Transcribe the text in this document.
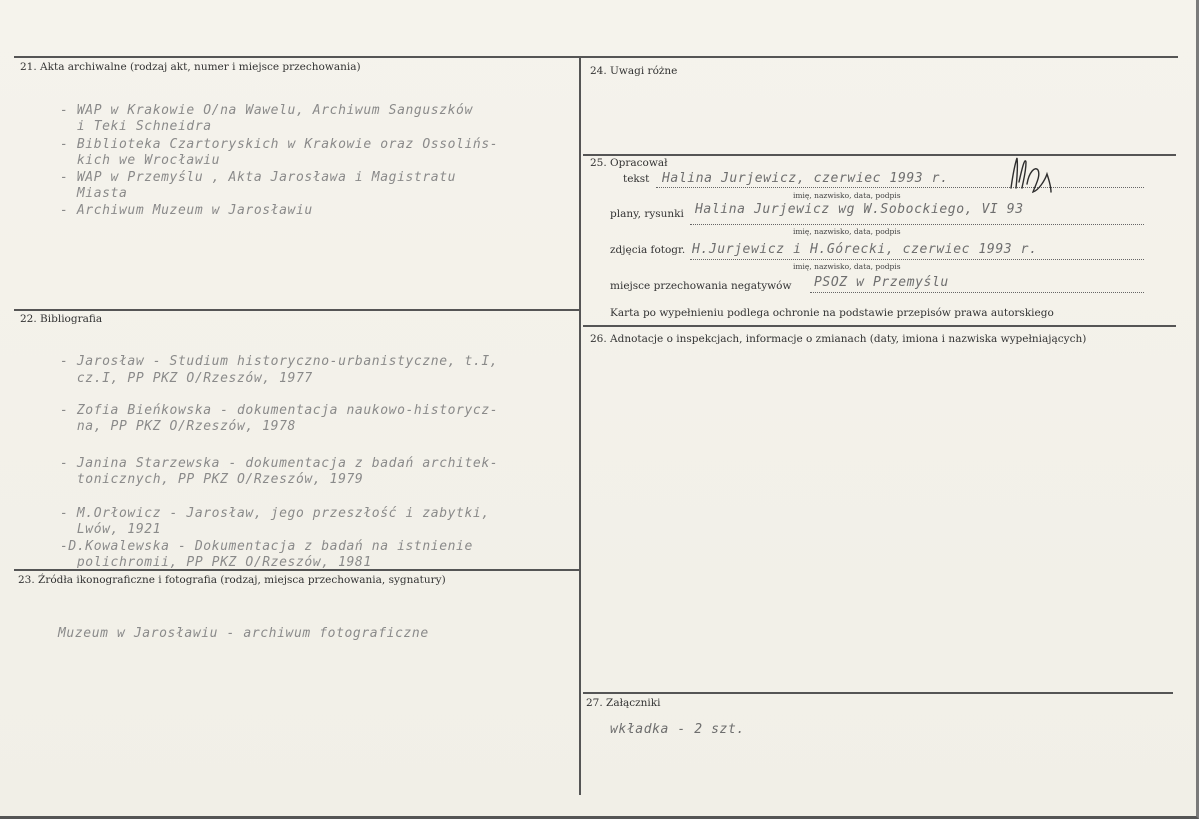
21. Akta archiwalne (rodzaj akt, numer i miejsce przechowania)
- WAP w Krakowie O/na Wawelu, Archiwum Sanguszków
i Teki Schneidra
- Biblioteka Czartoryskich w Krakowie oraz Ossolińs-
kich we Wrocławiu
- WAP w Przemyślu , Akta Jarosława i Magistratu
Miasta
- Archiwum Muzeum w Jarosławiu
22. Bibliografia
- Jarosław - Studium historyczno-urbanistyczne, t.I,
cz.I, PP PKZ O/Rzeszów, 1977
- Zofia Bieńkowska - dokumentacja naukowo-historycz-
na, PP PKZ O/Rzeszów, 1978
- Janina Starzewska - dokumentacja z badań architek-
tonicznych, PP PKZ O/Rzeszów, 1979
- M.Orłowicz - Jarosław, jego przeszłość i zabytki,
Lwów, 1921
-D.Kowalewska - Dokumentacja z badań na istnienie
polichromii, PP PKZ O/Rzeszów, 1981
23. Źródła ikonograficzne i fotografia (rodzaj, miejsca przechowania, sygnatury)
Muzeum w Jarosławiu - archiwum fotograficzne
24. Uwagi różne
25. Opracował
tekst Halina Jurjewicz, czerwiec 1993 r.
imię, nazwisko, data, podpis
plany, rysunki Halina Jurjewicz wg W.Sobockiego, VI 93
imię, nazwisko, data, podpis
zdjęcia fotogr. H.Jurjewicz i H.Górecki, czerwiec 1993 r.
imię, nazwisko, data, podpis
miejsce przechowania negatywów PSOZ w Przemyślu
Karta po wypełnieniu podlega ochronie na podstawie przepisów prawa autorskiego
26. Adnotacje o inspekcjach, informacje o zmianach (daty, imiona i nazwiska wypełniających)
27. Załączniki
wkładka - 2 szt.
